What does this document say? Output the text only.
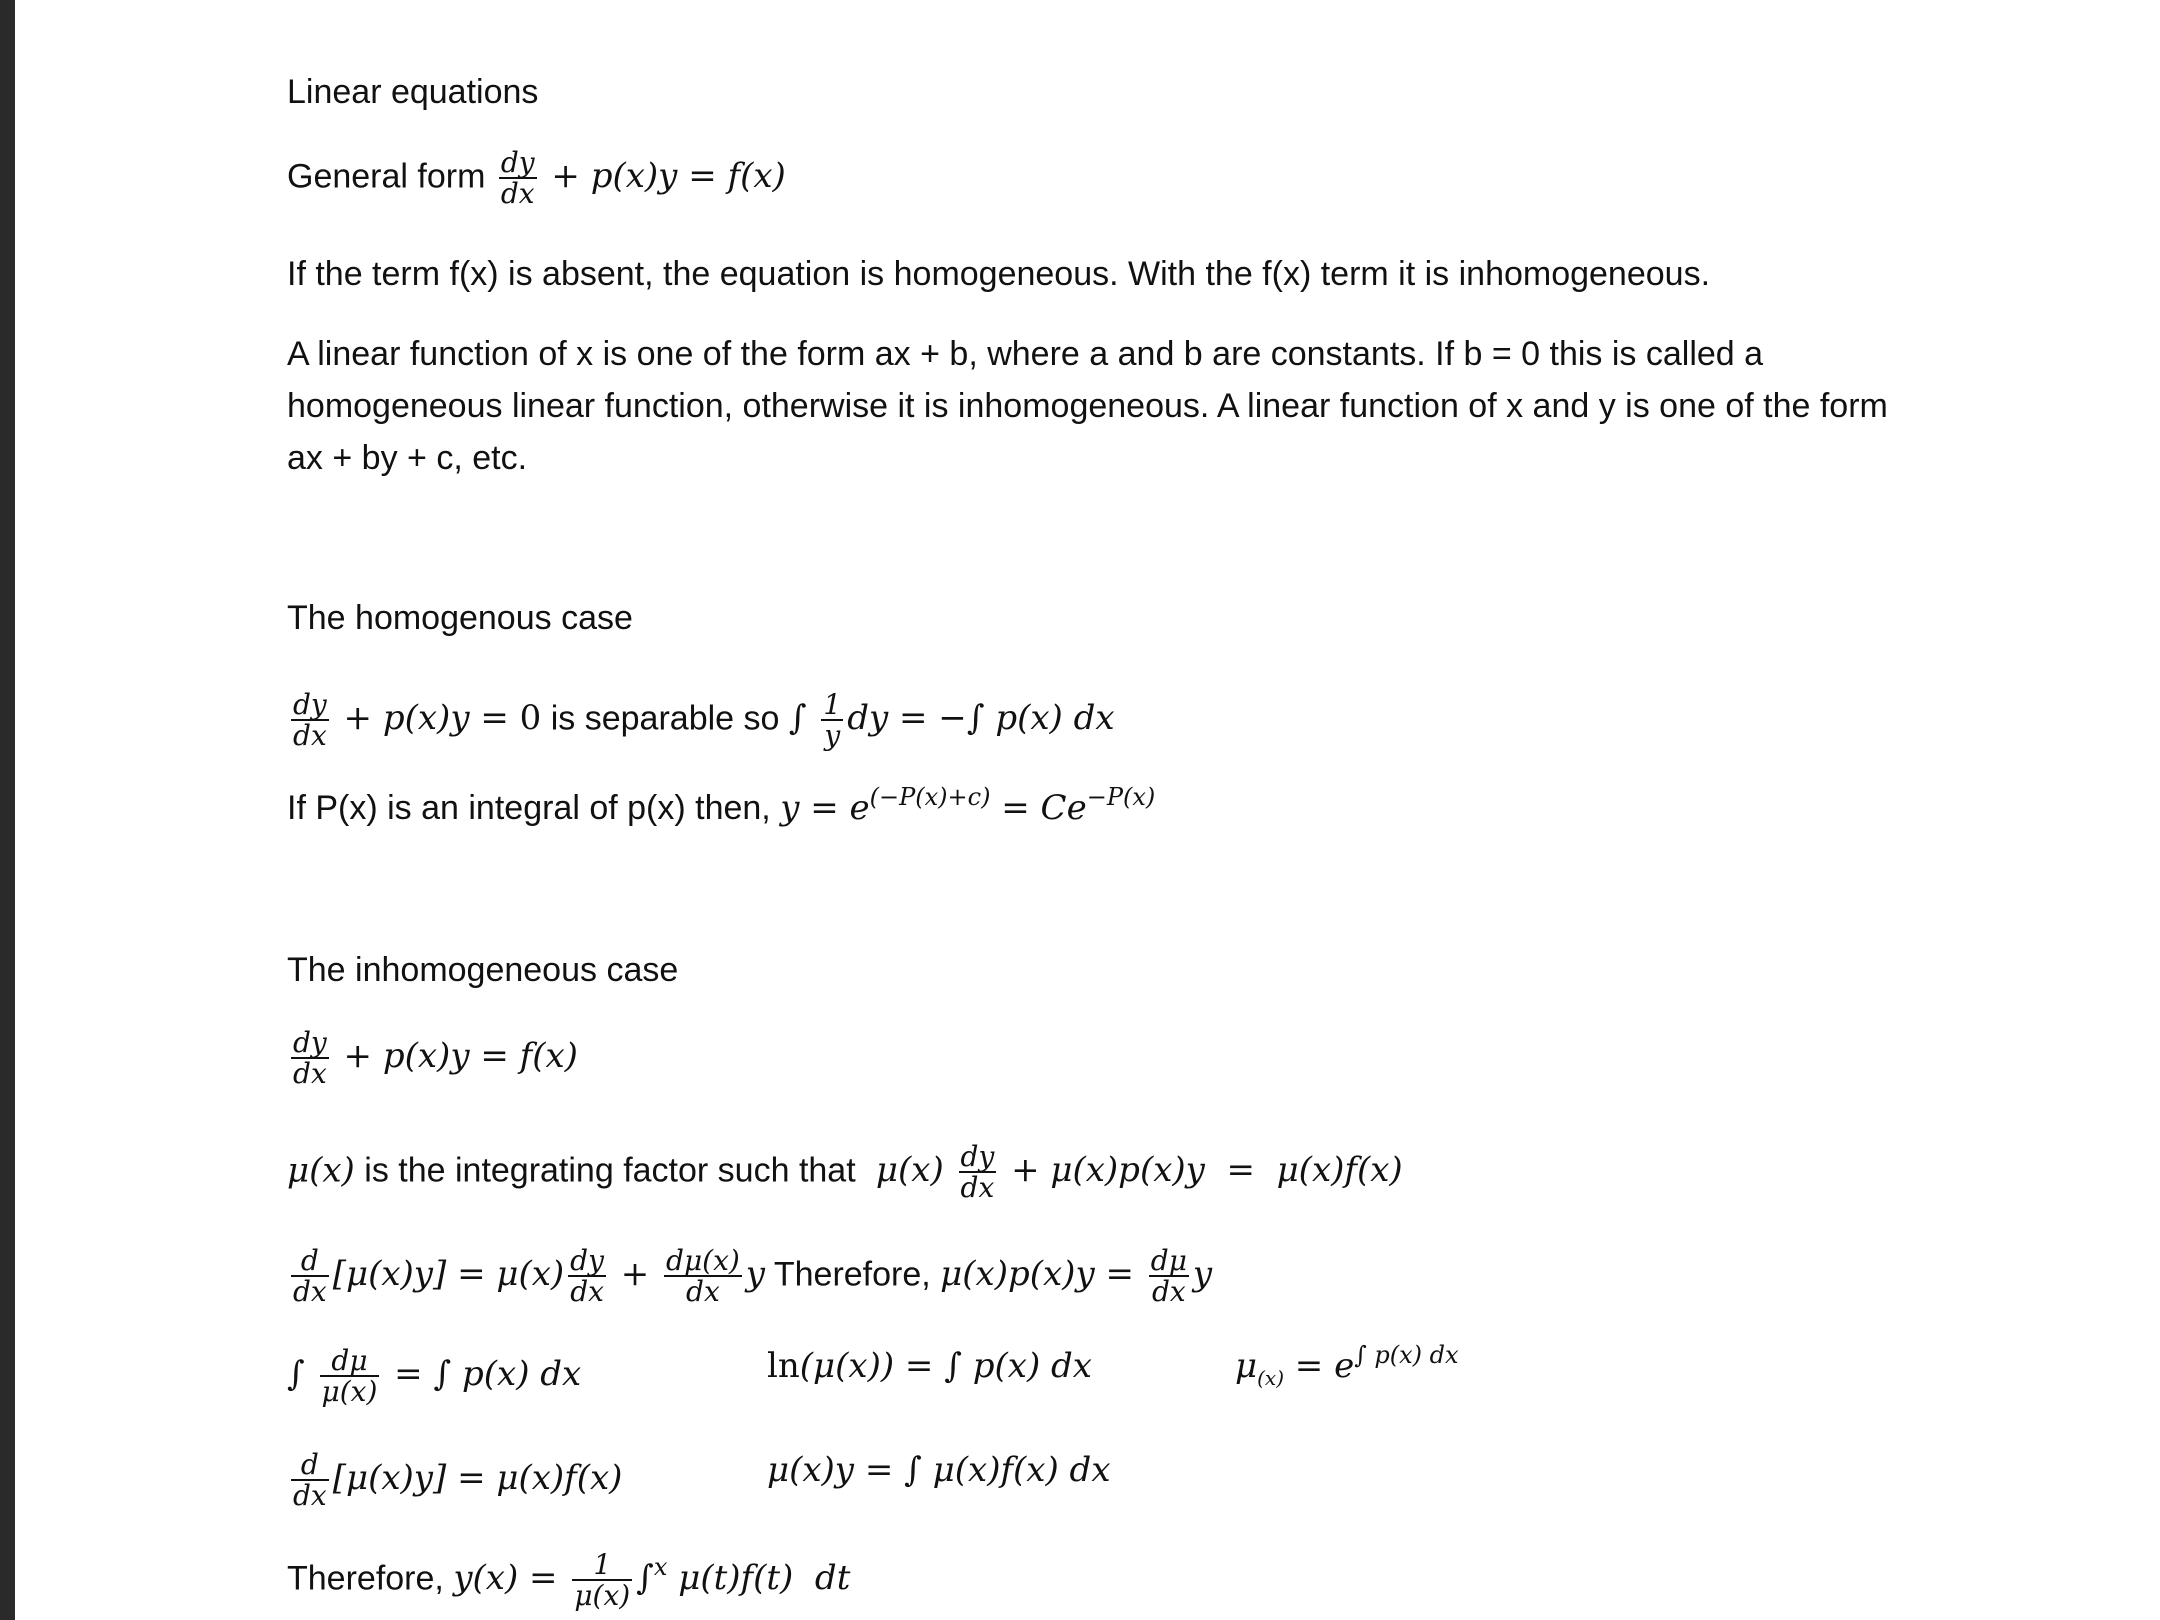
Linear equations
General form $\frac{dy}{dx} + p(x)y = f(x)$
If the term f(x) is absent, the equation is homogeneous. With the f(x) term it is inhomogeneous.
A linear function of x is one of the form ax + b, where a and b are constants. If b = 0 this is called a homogeneous linear function, otherwise it is inhomogeneous. A linear function of x and y is one of the form ax + by + c, etc.
The homogenous case
$\frac{dy}{dx} + p(x)y = 0$ is separable so ∫ $\frac{1}{y}$ dy = −∫ p(x) dx
If P(x) is an integral of p(x) then, $y = e^{(-P(x)+c)} = Ce^{-P(x)}$
The inhomogeneous case
$\frac{dy}{dx} + p(x)y = f(x)$
μ(x) is the integrating factor such that  $\mu(x) \frac{dy}{dx} + \mu(x)p(x)y = \mu(x)f(x)$
$\frac{d}{dx} [\mu(x)y] = \mu(x) \frac{dy}{dx} + \frac{d\mu(x)}{dx}$ y Therefore, $\mu(x)p(x)y = \frac{d\mu}{dx}$ y
∫ $\frac{d\mu}{\mu(x)}$ = ∫ p(x) dx	ln(μ(x)) = ∫ p(x) dx	$\mu_{(x)} = e^{\int p(x) dx}$
$\frac{d}{dx} [\mu(x)y] = \mu(x)f(x)$	μ(x)y = ∫ μ(x)f(x) dx
Therefore, $y(x) = \frac{1}{\mu(x)} \int^x$ μ(t)f(t)  dt
